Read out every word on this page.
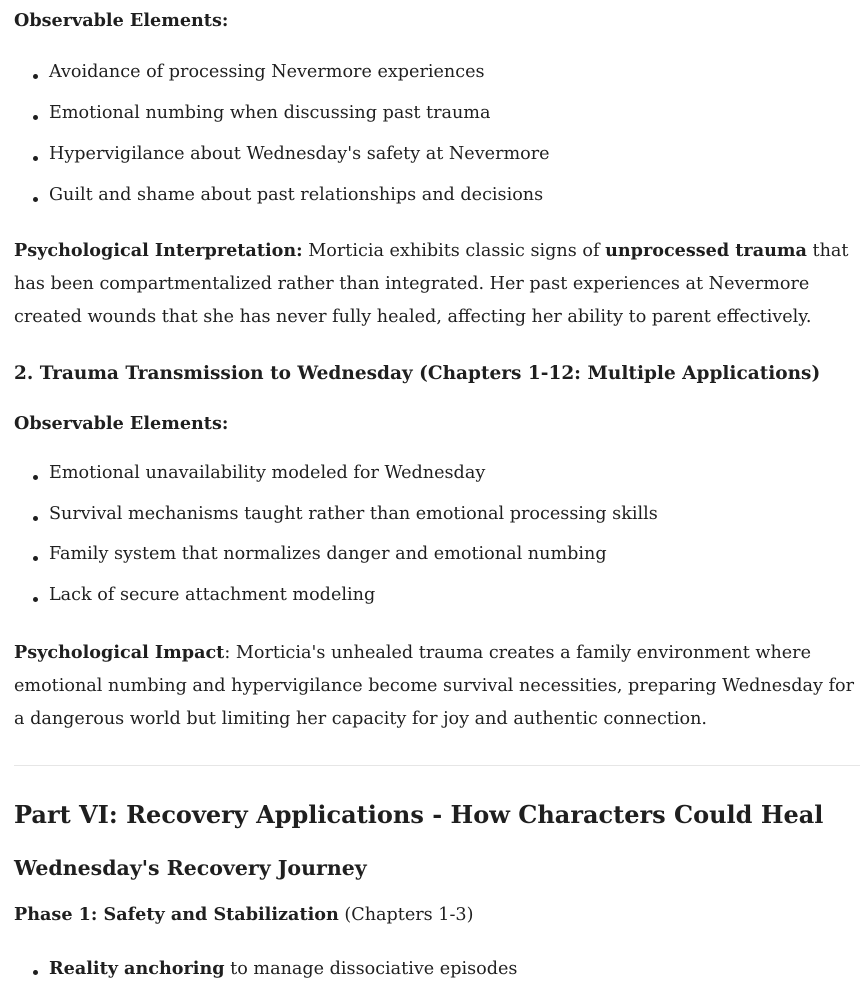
Observable Elements:
Avoidance of processing Nevermore experiences
Emotional numbing when discussing past trauma
Hypervigilance about Wednesday's safety at Nevermore
Guilt and shame about past relationships and decisions

Psychological Interpretation: Morticia exhibits classic signs of unprocessed trauma that has been compartmentalized rather than integrated. Her past experiences at Nevermore created wounds that she has never fully healed, affecting her ability to parent effectively.

2. Trauma Transmission to Wednesday (Chapters 1-12: Multiple Applications)
Observable Elements:
Emotional unavailability modeled for Wednesday
Survival mechanisms taught rather than emotional processing skills
Family system that normalizes danger and emotional numbing
Lack of secure attachment modeling

Psychological Impact: Morticia's unhealed trauma creates a family environment where emotional numbing and hypervigilance become survival necessities, preparing Wednesday for a dangerous world but limiting her capacity for joy and authentic connection.

Part VI: Recovery Applications - How Characters Could Heal
Wednesday's Recovery Journey
Phase 1: Safety and Stabilization (Chapters 1-3)
Reality anchoring to manage dissociative episodes
